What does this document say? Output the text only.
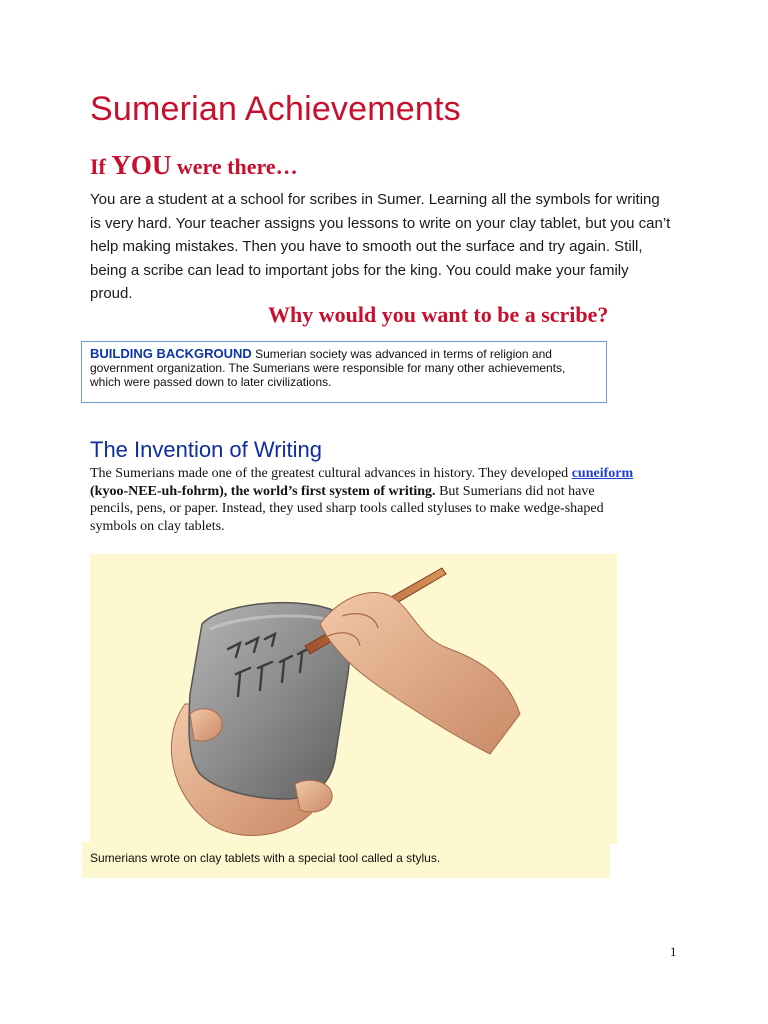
Sumerian Achievements
If YOU were there…

You are a student at a school for scribes in Sumer. Learning all the symbols for writing
is very hard. Your teacher assigns you lessons to write on your clay tablet, but you can’t
help making mistakes. Then you have to smooth out the surface and try again. Still,
being a scribe can lead to important jobs for the king. You could make your family
proud.

Why would you want to be a scribe?
BUILDING BACKGROUND Sumerian society was advanced in terms of religion and government organization. The Sumerians were responsible for many other achievements, which were passed down to later civilizations.
The Invention of Writing

The Sumerians made one of the greatest cultural advances in history. They developed cuneiform
(kyoo-NEE-uh-fohrm), the world’s first system of writing. But Sumerians did not have
pencils, pens, or paper. Instead, they used sharp tools called styluses to make wedge-shaped
symbols on clay tablets.

Sumerians wrote on clay tablets with a special tool called a stylus.

1
